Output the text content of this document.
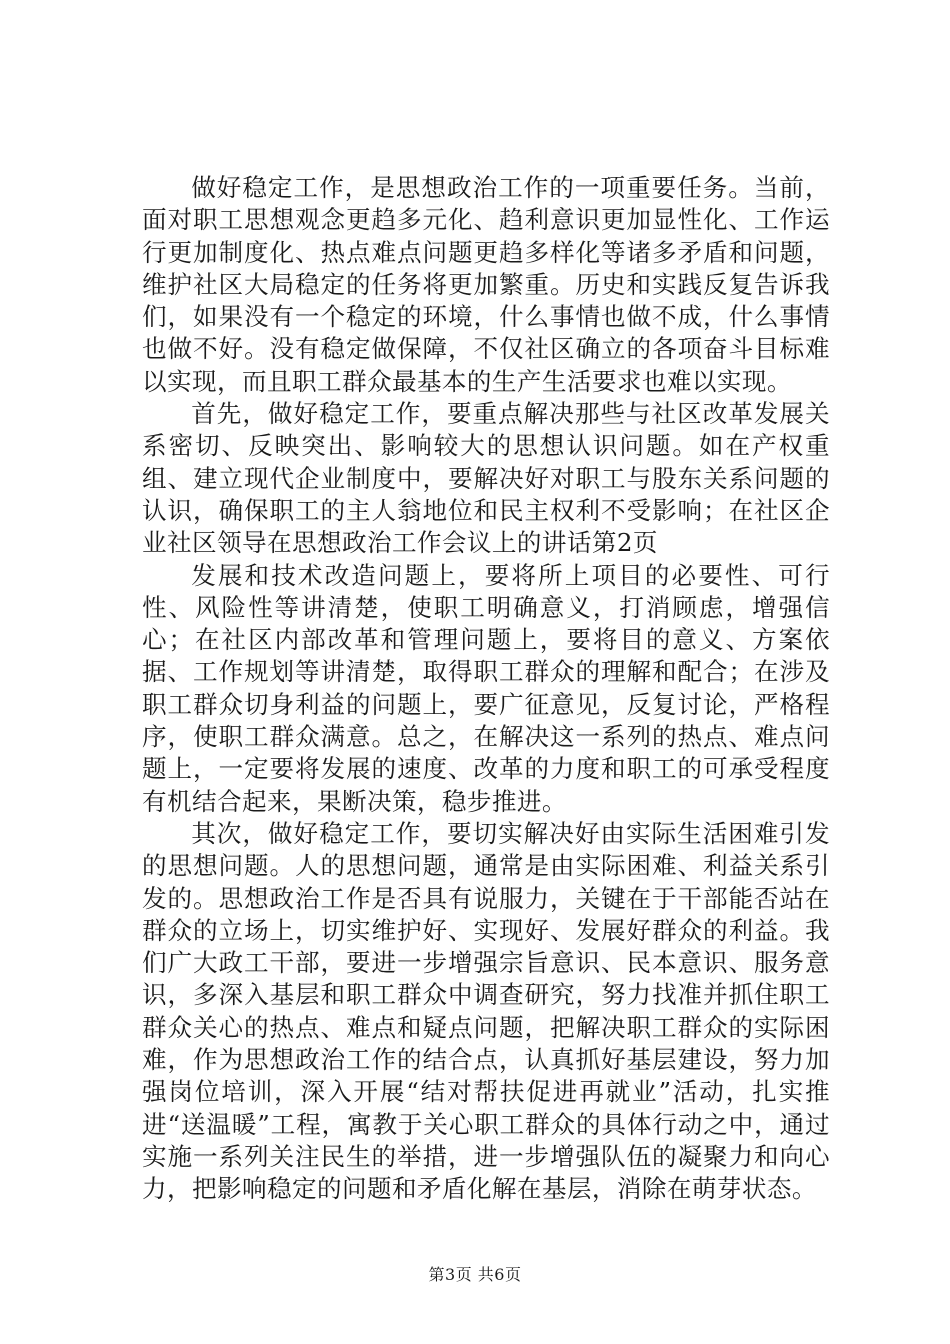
做好稳定工作，是思想政治工作的一项重要任务。当前，面对职工思想观念更趋多元化、趋利意识更加显性化、工作运行更加制度化、热点难点问题更趋多样化等诸多矛盾和问题，维护社区大局稳定的任务将更加繁重。历史和实践反复告诉我们，如果没有一个稳定的环境，什么事情也做不成，什么事情也做不好。没有稳定做保障，不仅社区确立的各项奋斗目标难以实现，而且职工群众最基本的生产生活要求也难以实现。

首先，做好稳定工作，要重点解决那些与社区改革发展关系密切、反映突出、影响较大的思想认识问题。如在产权重组、建立现代企业制度中，要解决好对职工与股东关系问题的认识，确保职工的主人翁地位和民主权利不受影响；在社区企业社区领导在思想政治工作会议上的讲话第2页

发展和技术改造问题上，要将所上项目的必要性、可行性、风险性等讲清楚，使职工明确意义，打消顾虑，增强信心；在社区内部改革和管理问题上，要将目的意义、方案依据、工作规划等讲清楚，取得职工群众的理解和配合；在涉及职工群众切身利益的问题上，要广征意见，反复讨论，严格程序，使职工群众满意。总之，在解决这一系列的热点、难点问题上，一定要将发展的速度、改革的力度和职工的可承受程度有机结合起来，果断决策，稳步推进。

其次，做好稳定工作，要切实解决好由实际生活困难引发的思想问题。人的思想问题，通常是由实际困难、利益关系引发的。思想政治工作是否具有说服力，关键在于干部能否站在群众的立场上，切实维护好、实现好、发展好群众的利益。我们广大政工干部，要进一步增强宗旨意识、民本意识、服务意识，多深入基层和职工群众中调查研究，努力找准并抓住职工群众关心的热点、难点和疑点问题，把解决职工群众的实际困难，作为思想政治工作的结合点，认真抓好基层建设，努力加强岗位培训，深入开展“结对帮扶促进再就业”活动，扎实推进“送温暖”工程，寓教于关心职工群众的具体行动之中，通过实施一系列关注民生的举措，进一步增强队伍的凝聚力和向心力，把影响稳定的问题和矛盾化解在基层，消除在萌芽状态。

第3页 共6页
